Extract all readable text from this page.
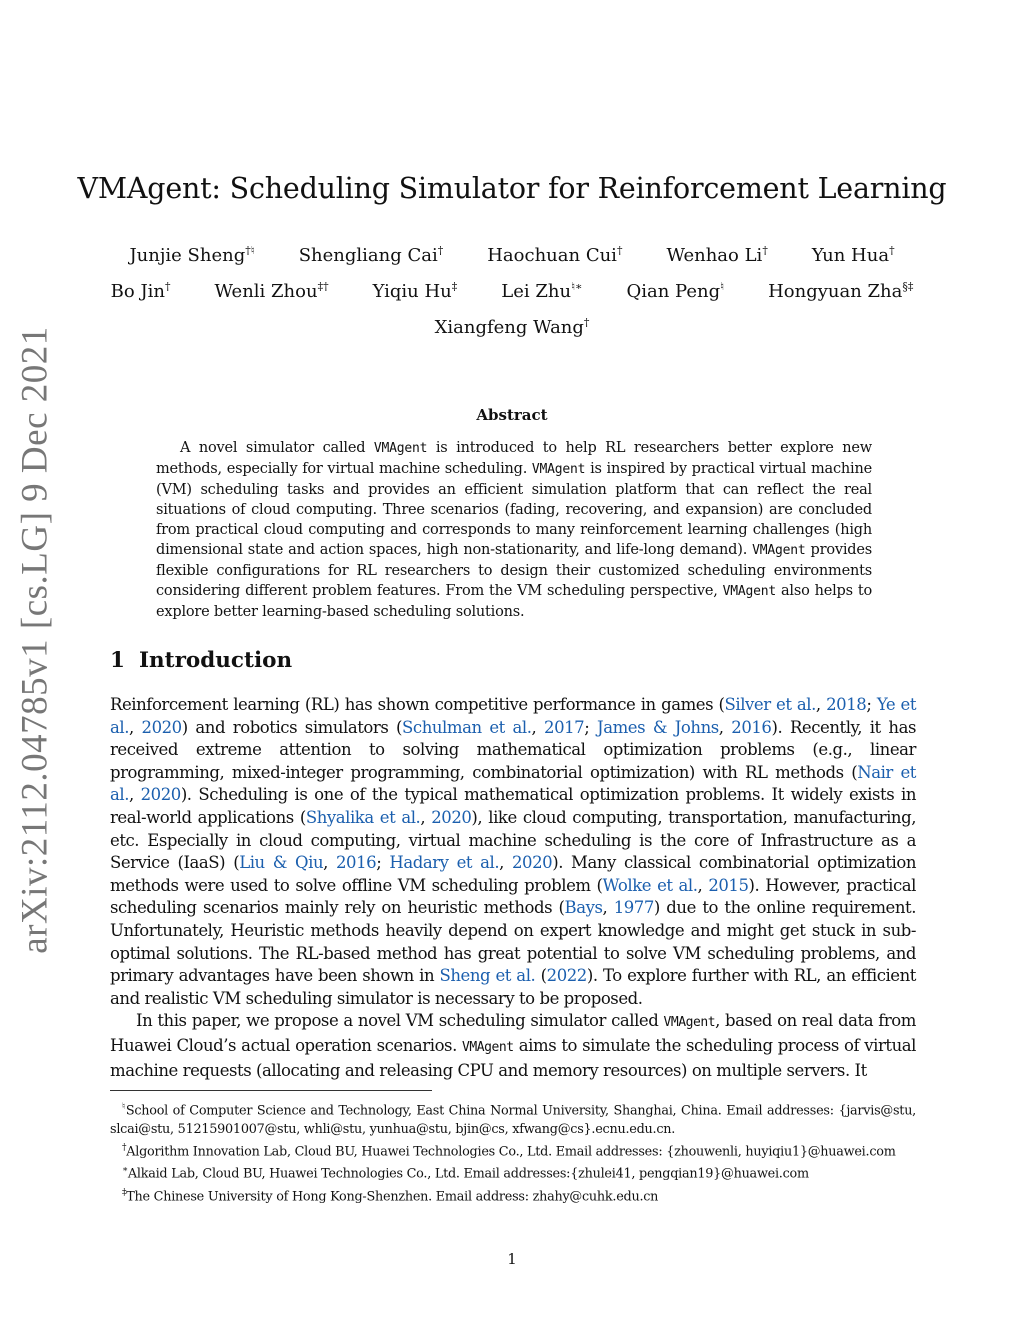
arXiv:2112.04785v1 [cs.LG] 9 Dec 2021
VMAgent: Scheduling Simulator for Reinforcement Learning
Junjie Sheng†♮ Shengliang Cai† Haochuan Cui† Wenhao Li† Yun Hua†
Bo Jin† Wenli Zhou‡† Yiqiu Hu‡ Lei Zhu♮∗ Qian Peng♮ Hongyuan Zha§‡
Xiangfeng Wang†
Abstract

A novel simulator called VMAgent is introduced to help RL researchers better explore new methods, especially for virtual machine scheduling. VMAgent is inspired by practical virtual machine (VM) scheduling tasks and provides an efficient simulation platform that can reflect the real situations of cloud computing. Three scenarios (fading, recovering, and expansion) are concluded from practical cloud computing and corresponds to many reinforcement learning challenges (high dimensional state and action spaces, high non-stationarity, and life-long demand). VMAgent provides flexible configurations for RL researchers to design their customized scheduling environments considering different problem features. From the VM scheduling perspective, VMAgent also helps to explore better learning-based scheduling solutions.

1 Introduction

Reinforcement learning (RL) has shown competitive performance in games (Silver et al., 2018; Ye et al., 2020) and robotics simulators (Schulman et al., 2017; James & Johns, 2016). Recently, it has received extreme attention to solving mathematical optimization problems (e.g., linear programming, mixed-integer programming, combinatorial optimization) with RL methods (Nair et al., 2020). Scheduling is one of the typical mathematical optimization problems. It widely exists in real-world applications (Shyalika et al., 2020), like cloud computing, transportation, manufacturing, etc. Especially in cloud computing, virtual machine scheduling is the core of Infrastructure as a Service (IaaS) (Liu & Qiu, 2016; Hadary et al., 2020). Many classical combinatorial optimization methods were used to solve offline VM scheduling problem (Wolke et al., 2015). However, practical scheduling scenarios mainly rely on heuristic methods (Bays, 1977) due to the online requirement. Unfortunately, Heuristic methods heavily depend on expert knowledge and might get stuck in sub-optimal solutions. The RL-based method has great potential to solve VM scheduling problems, and primary advantages have been shown in Sheng et al. (2022). To explore further with RL, an efficient and realistic VM scheduling simulator is necessary to be proposed.

In this paper, we propose a novel VM scheduling simulator called VMAgent, based on real data from Huawei Cloud’s actual operation scenarios. VMAgent aims to simulate the scheduling process of virtual machine requests (allocating and releasing CPU and memory resources) on multiple servers. It

♮School of Computer Science and Technology, East China Normal University, Shanghai, China. Email addresses: {jarvis@stu, slcai@stu, 51215901007@stu, whli@stu, yunhua@stu, bjin@cs, xfwang@cs}.ecnu.edu.cn.

†Algorithm Innovation Lab, Cloud BU, Huawei Technologies Co., Ltd. Email addresses: {zhouwenli, huyiqiu1}@huawei.com

∗Alkaid Lab, Cloud BU, Huawei Technologies Co., Ltd. Email addresses:{zhulei41, pengqian19}@huawei.com

‡The Chinese University of Hong Kong-Shenzhen. Email address: zhahy@cuhk.edu.cn

1
